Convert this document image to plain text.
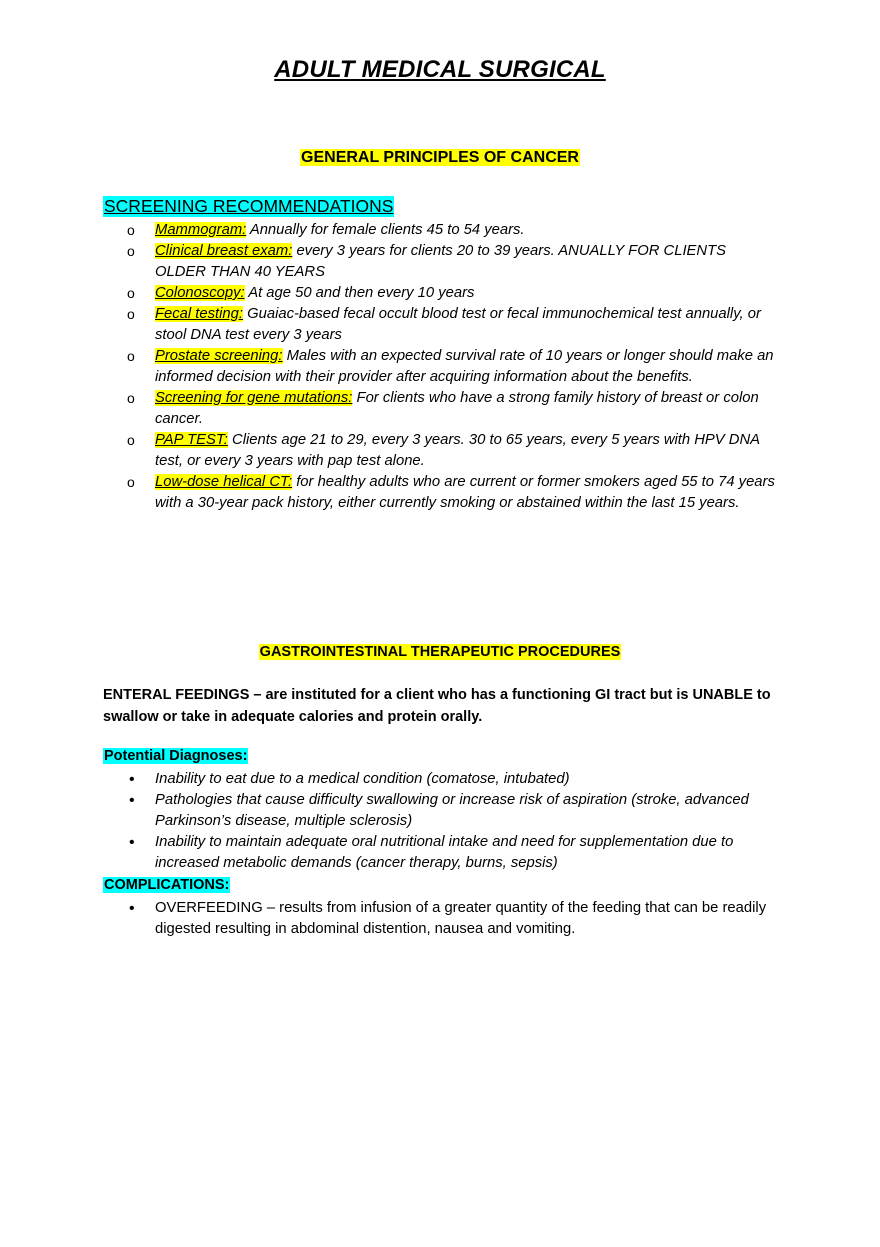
ADULT MEDICAL SURGICAL
GENERAL PRINCIPLES OF CANCER
SCREENING RECOMMENDATIONS
o Mammogram: Annually for female clients 45 to 54 years.
o Clinical breast exam: every 3 years for clients 20 to 39 years. ANUALLY FOR CLIENTS OLDER THAN 40 YEARS
o Colonoscopy: At age 50 and then every 10 years
o Fecal testing: Guaiac-based fecal occult blood test or fecal immunochemical test annually, or stool DNA test every 3 years
o Prostate screening: Males with an expected survival rate of 10 years or longer should make an informed decision with their provider after acquiring information about the benefits.
o Screening for gene mutations: For clients who have a strong family history of breast or colon cancer.
o PAP TEST: Clients age 21 to 29, every 3 years. 30 to 65 years, every 5 years with HPV DNA test, or every 3 years with pap test alone.
o Low-dose helical CT: for healthy adults who are current or former smokers aged 55 to 74 years with a 30-year pack history, either currently smoking or abstained within the last 15 years.
GASTROINTESTINAL THERAPEUTIC PROCEDURES

ENTERAL FEEDINGS – are instituted for a client who has a functioning GI tract but is UNABLE to swallow or take in adequate calories and protein orally.

Potential Diagnoses:
• Inability to eat due to a medical condition (comatose, intubated)
• Pathologies that cause difficulty swallowing or increase risk of aspiration (stroke, advanced Parkinson’s disease, multiple sclerosis)
• Inability to maintain adequate oral nutritional intake and need for supplementation due to increased metabolic demands (cancer therapy, burns, sepsis)
COMPLICATIONS:
• OVERFEEDING – results from infusion of a greater quantity of the feeding that can be readily digested resulting in abdominal distention, nausea and vomiting.
